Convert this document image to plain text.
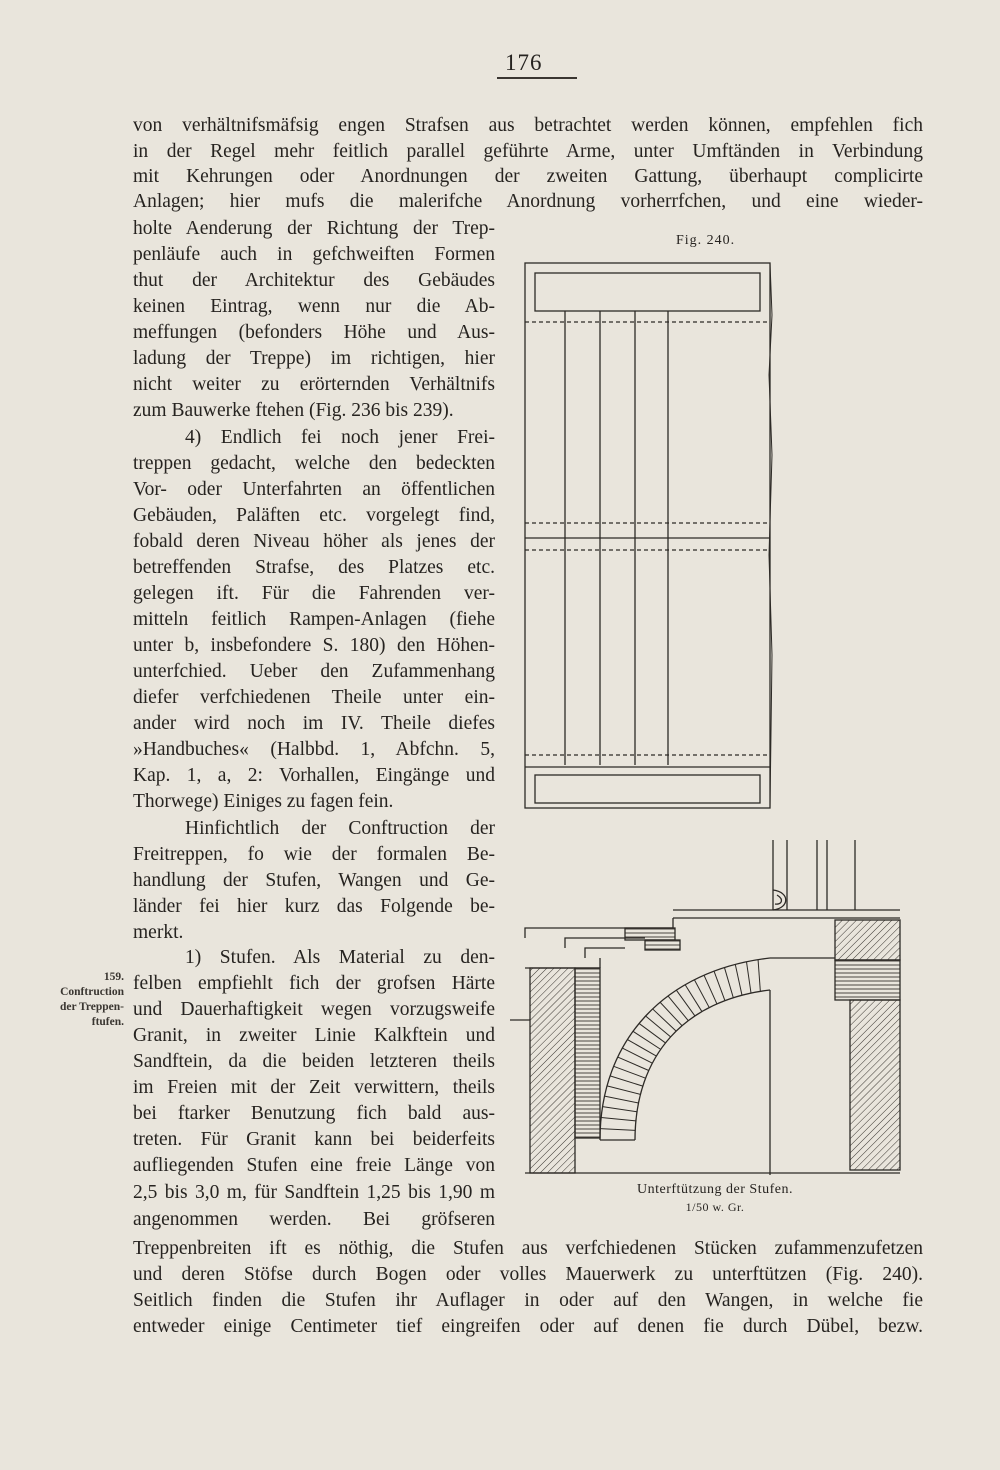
176
von verhältnifsmäfsig engen Strafsen aus betrachtet werden können, empfehlen fich
in der Regel mehr feitlich parallel geführte Arme, unter Umftänden in Verbindung
mit Kehrungen oder Anordnungen der zweiten Gattung, überhaupt complicirte
Anlagen; hier mufs die malerifche Anordnung vorherrfchen, und eine wieder-
holte Aenderung der Richtung der Trep-
penläufe auch in gefchweiften Formen
thut der Architektur des Gebäudes
keinen Eintrag, wenn nur die Ab-
meffungen (befonders Höhe und Aus-
ladung der Treppe) im richtigen, hier
nicht weiter zu erörternden Verhältnifs
zum Bauwerke ftehen (Fig. 236 bis 239).
4) Endlich fei noch jener Frei-
treppen gedacht, welche den bedeckten
Vor- oder Unterfahrten an öffentlichen
Gebäuden, Paläften etc. vorgelegt find,
fobald deren Niveau höher als jenes der
betreffenden Strafse, des Platzes etc.
gelegen ift. Für die Fahrenden ver-
mitteln feitlich Rampen-Anlagen (fiehe
unter b, insbefondere S. 180) den Höhen-
unterfchied. Ueber den Zufammenhang
diefer verfchiedenen Theile unter ein-
ander wird noch im IV. Theile diefes
»Handbuches« (Halbbd. 1, Abfchn. 5,
Kap. 1, a, 2: Vorhallen, Eingänge und
Thorwege) Einiges zu fagen fein.
Hinfichtlich der Conftruction der
Freitreppen, fo wie der formalen Be-
handlung der Stufen, Wangen und Ge-
länder fei hier kurz das Folgende be-
merkt.
1) Stufen. Als Material zu den-
felben empfiehlt fich der grofsen Härte
und Dauerhaftigkeit wegen vorzugsweife
Granit, in zweiter Linie Kalkftein und
Sandftein, da die beiden letzteren theils
im Freien mit der Zeit verwittern, theils
bei ftarker Benutzung fich bald aus-
treten. Für Granit kann bei beiderfeits
aufliegenden Stufen eine freie Länge von
2,5 bis 3,0 m, für Sandftein 1,25 bis 1,90 m
angenommen werden. Bei gröfseren
Treppenbreiten ift es nöthig, die Stufen aus verfchiedenen Stücken zufammenzufetzen
und deren Stöfse durch Bogen oder volles Mauerwerk zu unterftützen (Fig. 240).
Seitlich finden die Stufen ihr Auflager in oder auf den Wangen, in welche fie
entweder einige Centimeter tief eingreifen oder auf denen fie durch Dübel, bezw.
159.
Conftruction
der Treppen-
ftufen.
Fig. 240.
Unterftützung der Stufen.
1/50 w. Gr.
